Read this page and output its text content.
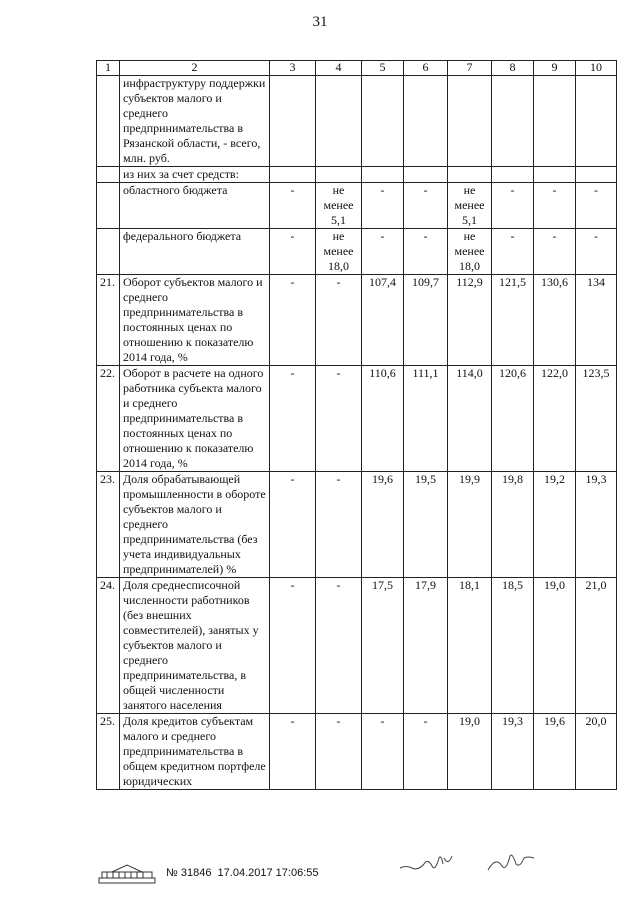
31
1	2	3	4	5	6	7	8	9	10
	инфраструктуру поддержки субъектов малого и среднего предпринимательства в Рязанской области, - всего, млн. руб.								
	из них за счет средств:								
	областного бюджета	-	не менее 5,1	-	-	не менее 5,1	-	-	-
	федерального бюджета	-	не менее 18,0	-	-	не менее 18,0	-	-	-
21.	Оборот субъектов малого и среднего предпринимательства в постоянных ценах по отношению к показателю 2014 года, %	-	-	107,4	109,7	112,9	121,5	130,6	134
22.	Оборот в расчете на одного работника субъекта малого и среднего предпринимательства в постоянных ценах по отношению к показателю 2014 года, %	-	-	110,6	111,1	114,0	120,6	122,0	123,5
23.	Доля обрабатывающей промышленности в обороте субъектов малого и среднего предпринимательства (без учета индивидуальных предпринимателей) %	-	-	19,6	19,5	19,9	19,8	19,2	19,3
24.	Доля среднесписочной численности работников (без внешних совместителей), занятых у субъектов малого и среднего предпринимательства, в общей численности занятого населения	-	-	17,5	17,9	18,1	18,5	19,0	21,0
25.	Доля кредитов субъектам малого и среднего предпринимательства в общем кредитном портфеле юридических	-	-	-	-	19,0	19,3	19,6	20,0
№ 31846  17.04.2017 17:06:55
